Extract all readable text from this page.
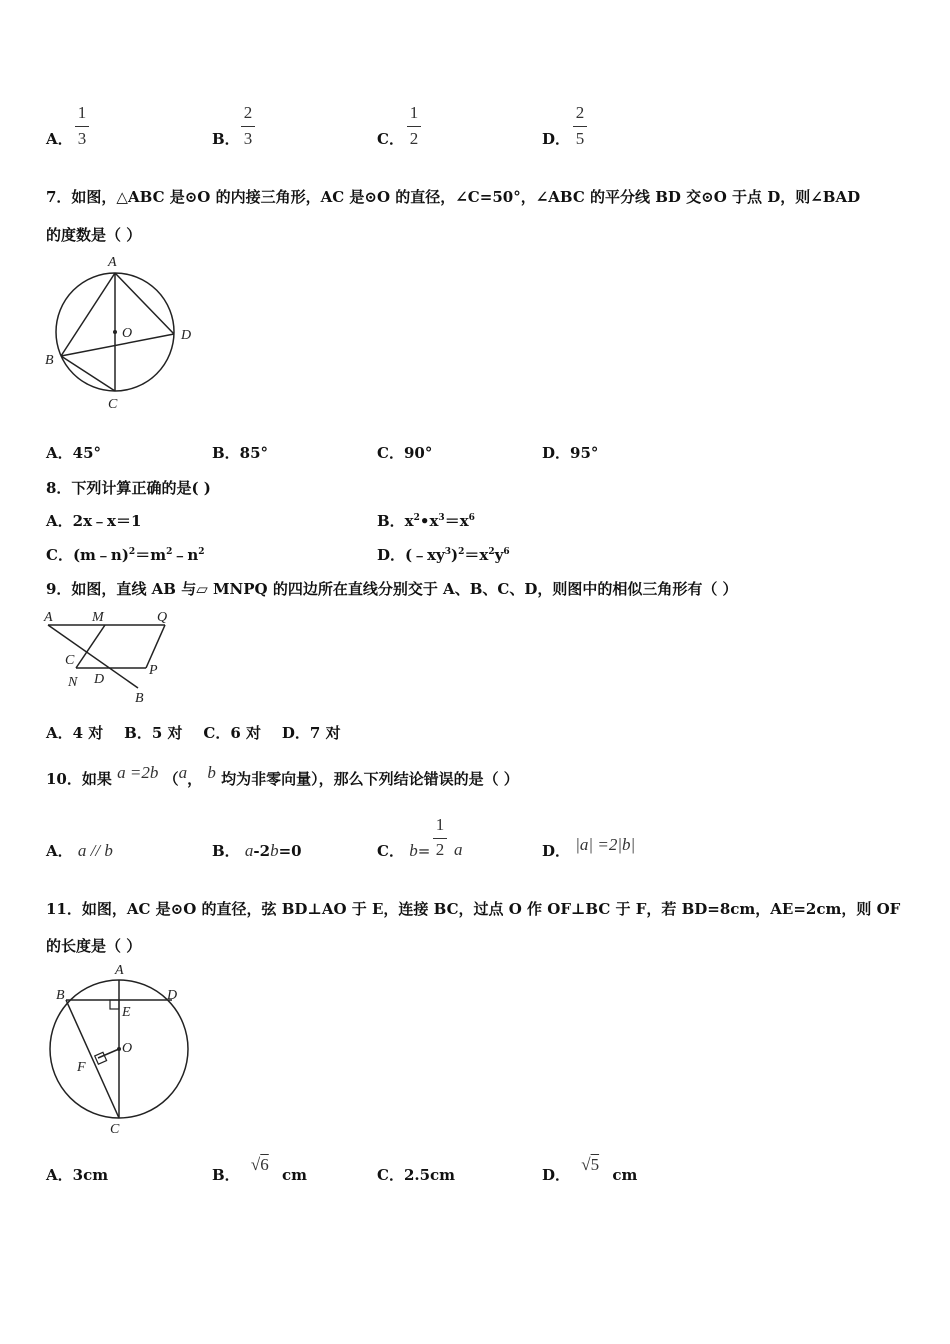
A．
1
3	B．
2
3	C．
1
2	D．
2
5
7．如图，△ABC 是⊙O 的内接三角形，AC 是⊙O 的直径，∠C=50°，∠ABC 的平分线 BD 交⊙O 于点 D，则∠BAD
的度数是（ ）
A
O	D
B
C
A．45°	B．85°	C．90°	D．95°
8．下列计算正确的是( )
A．2x﹣x＝1	B．$x^2•x^3=x^6$
C．$(m﹣n)^2=m^2﹣n^2$	D．$(﹣xy^3)^2=x^2y^6$
9．如图，直线 AB 与▱ MNPQ 的四边所在直线分别交于 A、B、C、D，则图中的相似三角形有（ ）
A	M	Q
C
P
N D
B
A．4 对    B．5 对    C．6 对    D．7 对
10．如果 a =2b （a， b 均为非零向量），那么下列结论错误的是（ ）
A． a // b	B． a-2b=0	C． b=
1
2 a	D． |a| =2|b|
11．如图，AC 是⊙O 的直径，弦 BD⊥AO 于 E，连接 BC，过点 O 作 OF⊥BC 于 F，若 BD=8cm，AE=2cm，则 OF
的长度是（ ）
A
B	D
E
O
F
C
A．3cm	B． √6 cm	C．2.5cm	D． √5 cm
